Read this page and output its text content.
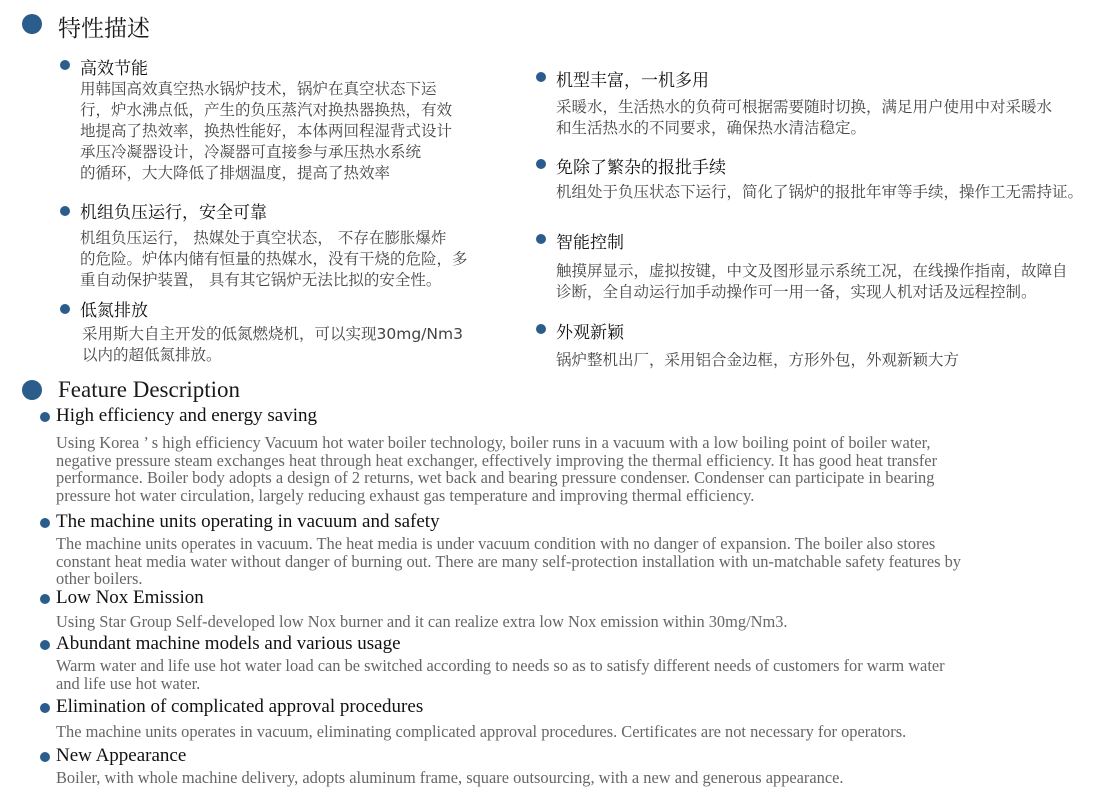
特性描述
高效节能
用韩国高效真空热水锅炉技术，锅炉在真空状态下运
行，炉水沸点低，产生的负压蒸汽对换热器换热，有效
地提高了热效率，换热性能好，本体两回程湿背式设计
承压冷凝器设计，冷凝器可直接参与承压热水系统
的循环，大大降低了排烟温度，提高了热效率
机组负压运行，安全可靠
机组负压运行， 热媒处于真空状态， 不存在膨胀爆炸
的危险。炉体内储有恒量的热媒水，没有干烧的危险，多
重自动保护装置， 具有其它锅炉无法比拟的安全性。
低氮排放
采用斯大自主开发的低氮燃烧机，可以实现30mg/Nm3
以内的超低氮排放。
机型丰富，一机多用
采暖水，生活热水的负荷可根据需要随时切换，满足用户使用中对采暖水
和生活热水的不同要求，确保热水清洁稳定。
免除了繁杂的报批手续
机组处于负压状态下运行，简化了锅炉的报批年审等手续，操作工无需持证。
智能控制
触摸屏显示，虚拟按键，中文及图形显示系统工况，在线操作指南，故障自
诊断，全自动运行加手动操作可一用一备，实现人机对话及远程控制。
外观新颖
锅炉整机出厂，采用铝合金边框，方形外包，外观新颖大方
Feature Description
High efficiency and energy saving
Using Korea ’ s high efficiency Vacuum hot water boiler technology, boiler runs in a vacuum with a low boiling point of boiler water,
negative pressure steam exchanges heat through heat exchanger, effectively improving the thermal efficiency. It has good heat transfer
performance. Boiler body adopts a design of 2 returns, wet back and bearing pressure condenser. Condenser can participate in bearing
pressure hot water circulation, largely reducing exhaust gas temperature and improving thermal efficiency.
The machine units operating in vacuum and safety
The machine units operates in vacuum. The heat media is under vacuum condition with no danger of expansion. The boiler also stores
constant heat media water without danger of burning out. There are many self-protection installation with un-matchable safety features by
other boilers.
Low Nox Emission
Using Star Group Self-developed low Nox burner and it can realize extra low Nox emission within 30mg/Nm3.
Abundant machine models and various usage
Warm water and life use hot water load can be switched according to needs so as to satisfy different needs of customers for warm water
and life use hot water.
Elimination of complicated approval procedures
The machine units operates in vacuum, eliminating complicated approval procedures. Certificates are not necessary for operators.
New Appearance
Boiler, with whole machine delivery, adopts aluminum frame, square outsourcing, with a new and generous appearance.
